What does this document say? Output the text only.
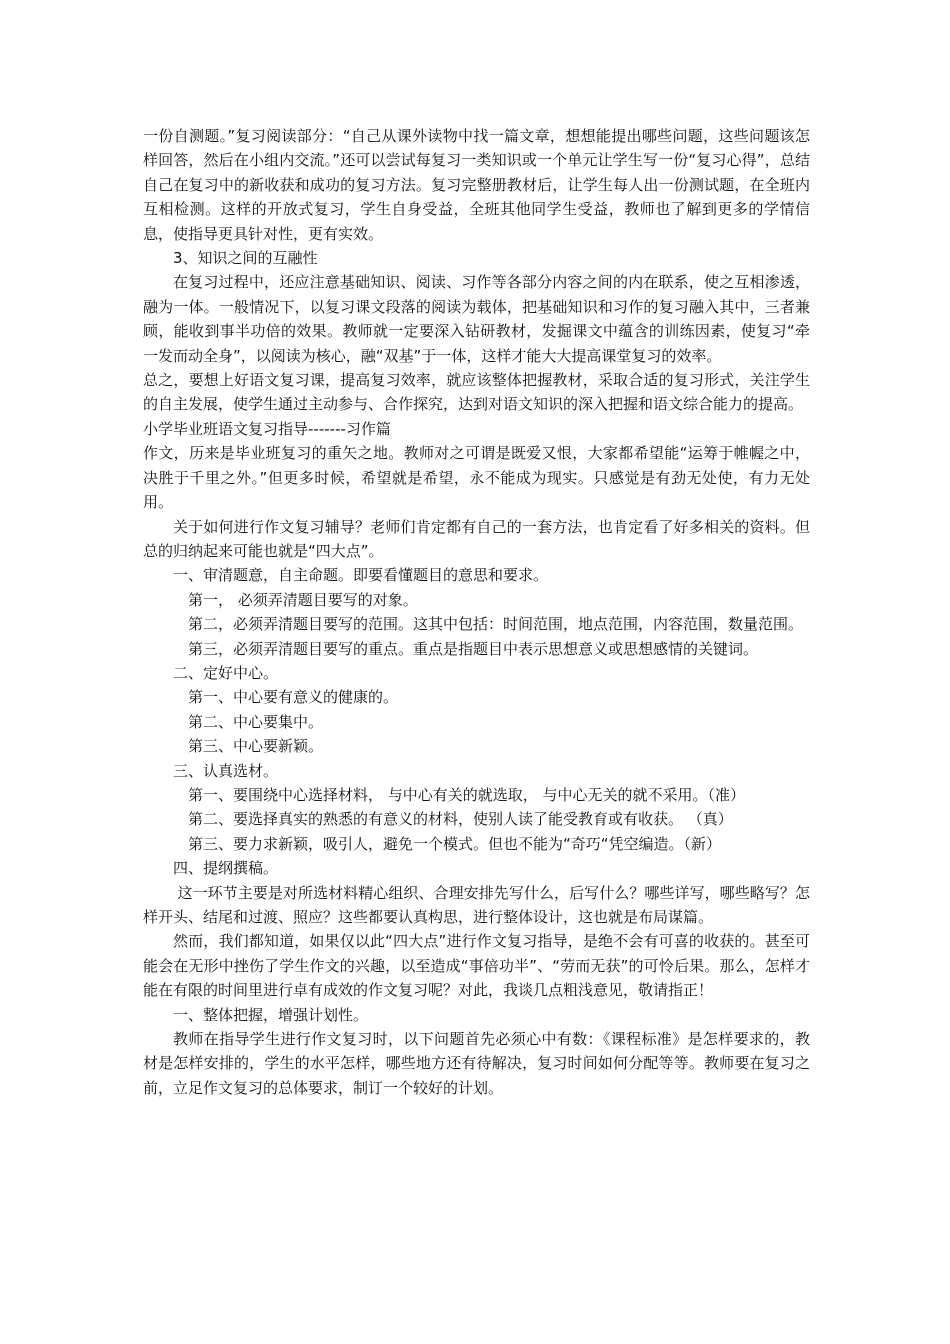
一份自测题。”复习阅读部分：“自己从课外读物中找一篇文章，想想能提出哪些问题，这些问题该怎样回答，然后在小组内交流。”还可以尝试每复习一类知识或一个单元让学生写一份“复习心得”，总结自己在复习中的新收获和成功的复习方法。复习完整册教材后，让学生每人出一份测试题，在全班内互相检测。这样的开放式复习，学生自身受益，全班其他同学生受益，教师也了解到更多的学情信息，使指导更具针对性，更有实效。

3、知识之间的互融性

在复习过程中，还应注意基础知识、阅读、习作等各部分内容之间的内在联系，使之互相渗透，融为一体。一般情况下，以复习课文段落的阅读为载体，把基础知识和习作的复习融入其中，三者兼顾，能收到事半功倍的效果。教师就一定要深入钻研教材，发掘课文中蕴含的训练因素，使复习“牵一发而动全身”，以阅读为核心，融“双基”于一体，这样才能大大提高课堂复习的效率。

总之，要想上好语文复习课，提高复习效率，就应该整体把握教材，采取合适的复习形式，关注学生的自主发展，使学生通过主动参与、合作探究，达到对语文知识的深入把握和语文综合能力的提高。

小学毕业班语文复习指导-------习作篇

作文，历来是毕业班复习的重矢之地。教师对之可谓是既爱又恨，大家都希望能“运筹于帷幄之中，决胜于千里之外。”但更多时候，希望就是希望，永不能成为现实。只感觉是有劲无处使，有力无处用。

关于如何进行作文复习辅导？老师们肯定都有自己的一套方法，也肯定看了好多相关的资料。但总的归纳起来可能也就是“四大点”。

一、审清题意，自主命题。即要看懂题目的意思和要求。

第一， 必须弄清题目要写的对象。

第二，必须弄清题目要写的范围。这其中包括：时间范围，地点范围，内容范围，数量范围。

第三，必须弄清题目要写的重点。重点是指题目中表示思想意义或思想感情的关键词。

二、定好中心。

第一、中心要有意义的健康的。

第二、中心要集中。

第三、中心要新颖。

三、认真选材。

第一、要围绕中心选择材料， 与中心有关的就选取， 与中心无关的就不采用。（准）

第二、要选择真实的熟悉的有意义的材料，使别人读了能受教育或有收获。 （真）

第三、要力求新颖，吸引人，避免一个模式。但也不能为“奇巧“凭空编造。（新）

四、提纲撰稿。

这一环节主要是对所选材料精心组织、合理安排先写什么，后写什么？哪些详写，哪些略写？怎样开头、结尾和过渡、照应？这些都要认真构思，进行整体设计，这也就是布局谋篇。

然而，我们都知道，如果仅以此“四大点”进行作文复习指导，是绝不会有可喜的收获的。甚至可能会在无形中挫伤了学生作文的兴趣，以至造成“事倍功半”、“劳而无获”的可怜后果。那么，怎样才能在有限的时间里进行卓有成效的作文复习呢？对此，我谈几点粗浅意见，敬请指正！

一、整体把握，增强计划性。

教师在指导学生进行作文复习时，以下问题首先必须心中有数：《课程标准》是怎样要求的，教材是怎样安排的，学生的水平怎样，哪些地方还有待解决，复习时间如何分配等等。教师要在复习之前，立足作文复习的总体要求，制订一个较好的计划。
